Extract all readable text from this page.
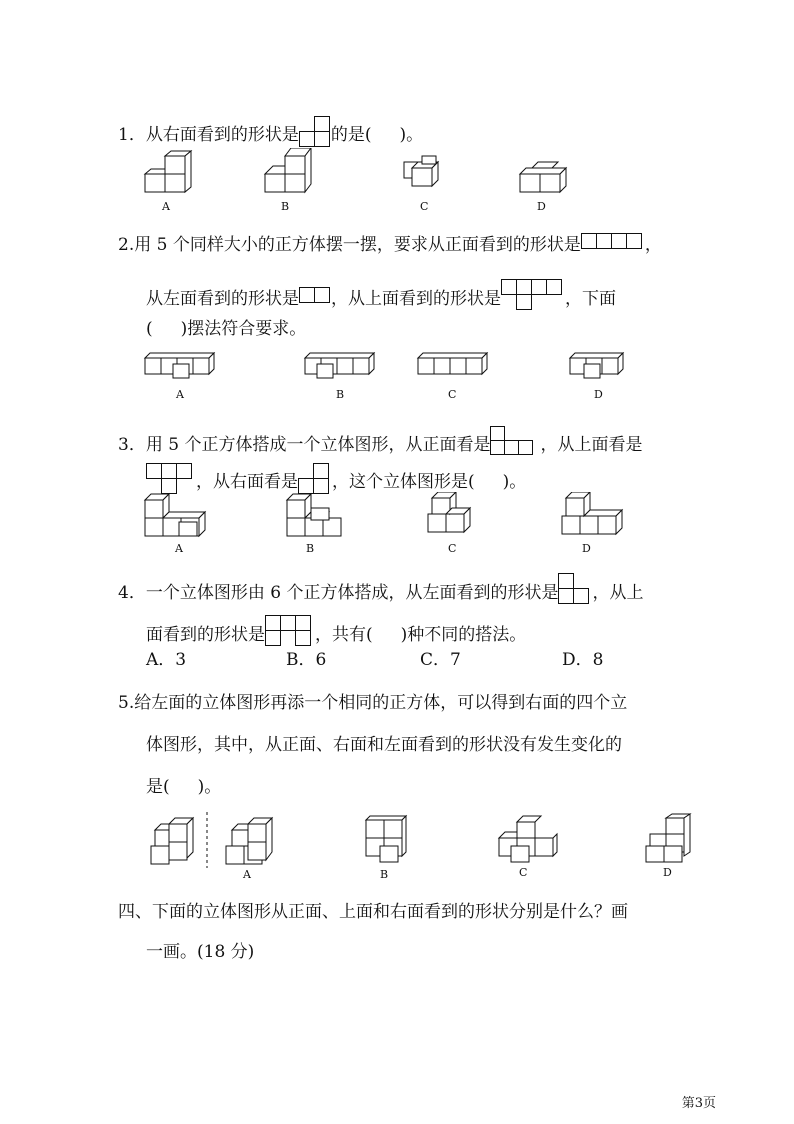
1．从右面看到的形状是 的是( )。
A	B	C	D
2.用 5 个同样大小的正方体摆一摆，要求从正面看到的形状是	，
从左面看到的形状是 ，从上面看到的形状是	，下面
( )摆法符合要求。
A	B	C	D
3．用 5 个正方体搭成一个立体图形，从正面看是	，从上面看是
，从右面看是 ，这个立体图形是( )。
A	B	C	D
4．一个立体图形由 6 个正方体搭成，从左面看到的形状是 ，从上
面看到的形状是	，共有( )种不同的搭法。
A．3	B．6	C．7	D．8
5.给左面的立体图形再添一个相同的正方体，可以得到右面的四个立
体图形，其中，从正面、右面和左面看到的形状没有发生变化的
是( )。
A	B	C	D
四、下面的立体图形从正面、上面和右面看到的形状分别是什么？画
一画。(18 分)
第3页
